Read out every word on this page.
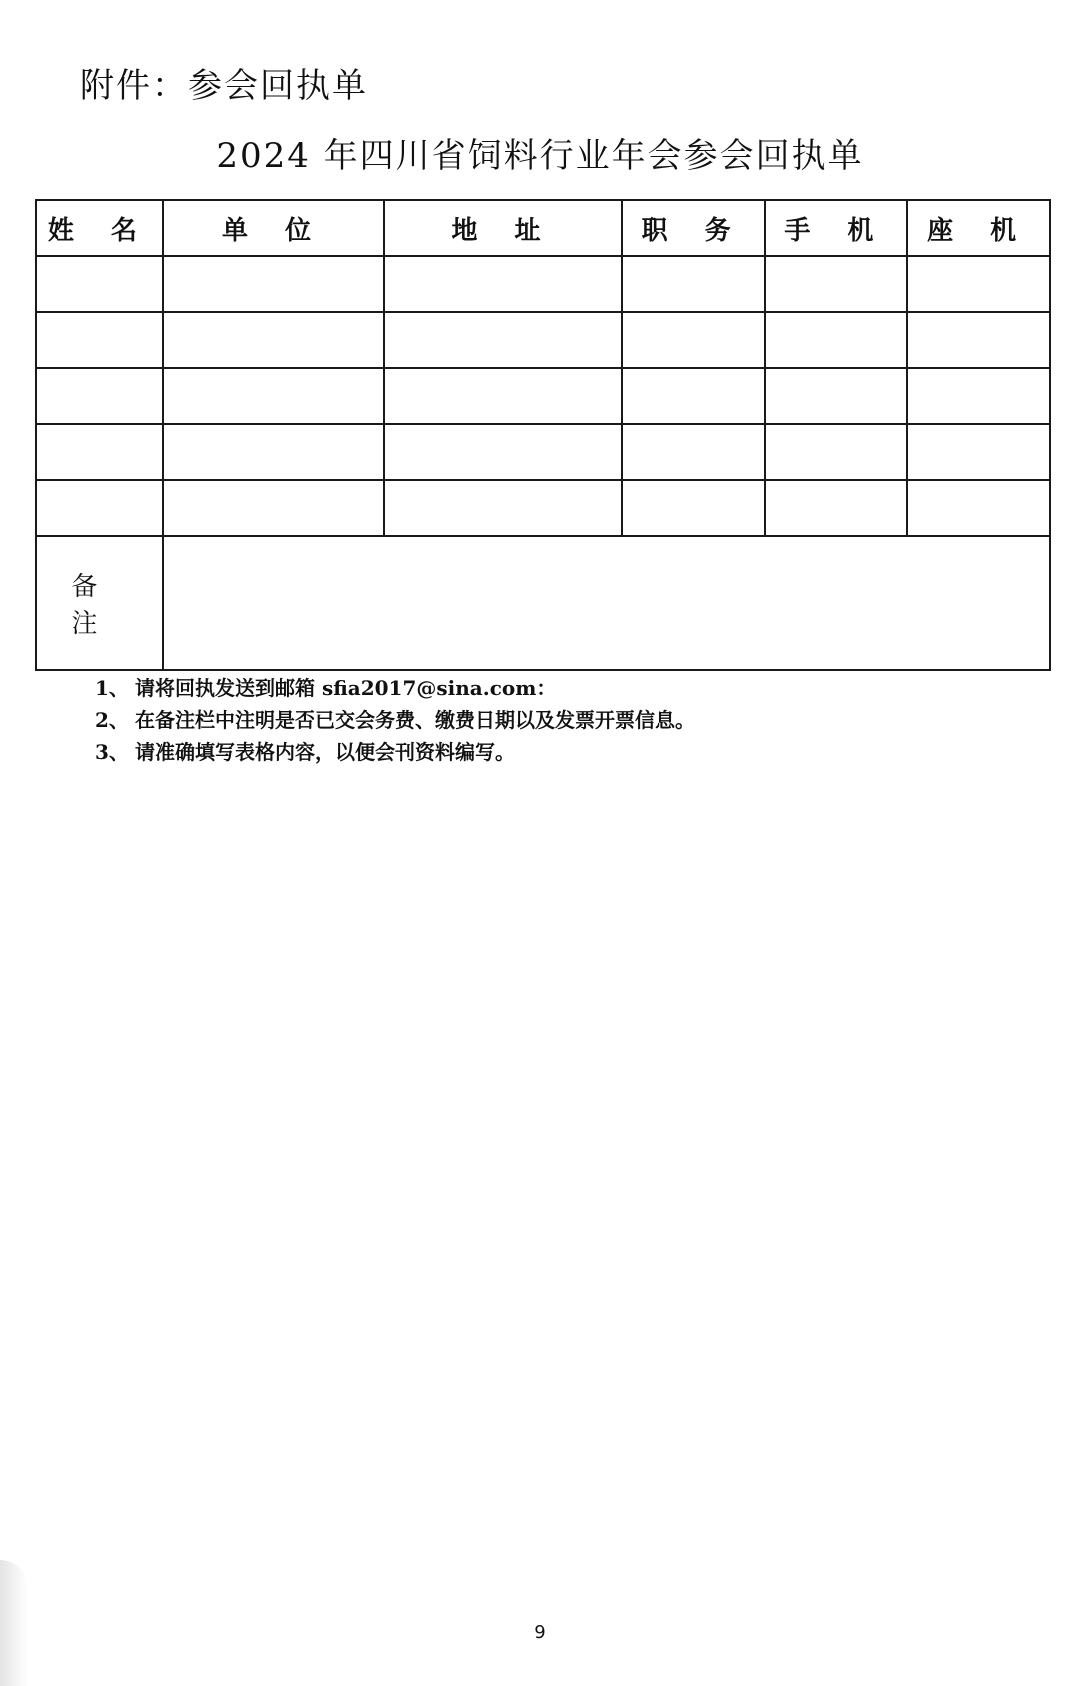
附件：参会回执单
2024 年四川省饲料行业年会参会回执单
姓 名	单 位	地 址	职 务	手 机	座 机

备 注					
1、 请将回执发送到邮箱 sfia2017@sina.com：
2、 在备注栏中注明是否已交会务费、缴费日期以及发票开票信息。
3、 请准确填写表格内容，以便会刊资料编写。
9
